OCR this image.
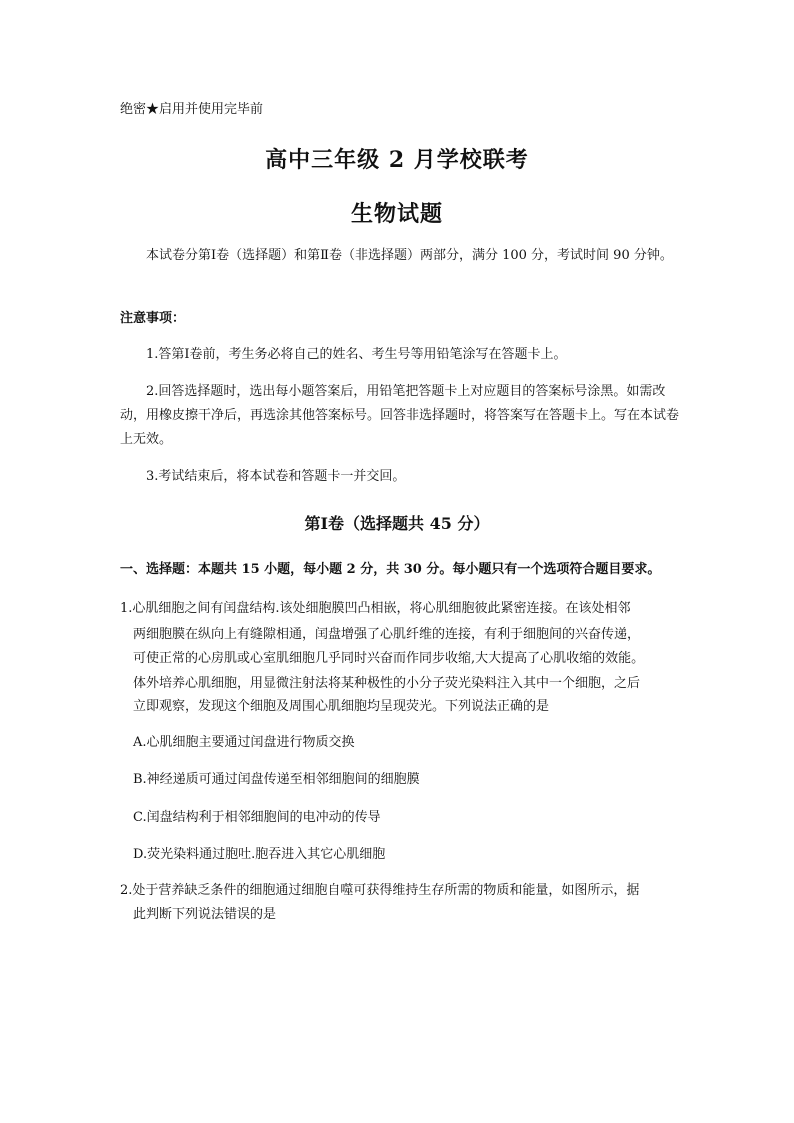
绝密★启用并使用完毕前
高中三年级 2 月学校联考
生物试题
本试卷分第Ⅰ卷（选择题）和第Ⅱ卷（非选择题）两部分，满分 100 分，考试时间 90 分钟。
注意事项：
1.答第Ⅰ卷前，考生务必将自己的姓名、考生号等用铅笔涂写在答题卡上。
2.回答选择题时，选出每小题答案后，用铅笔把答题卡上对应题目的答案标号涂黑。如需改动，用橡皮擦干净后，再选涂其他答案标号。回答非选择题时，将答案写在答题卡上。写在本试卷上无效。
3.考试结束后，将本试卷和答题卡一并交回。
第Ⅰ卷（选择题共 45 分）
一、选择题：本题共 15 小题，每小题 2 分，共 30 分。每小题只有一个选项符合题目要求。
1.心肌细胞之间有闰盘结构.该处细胞膜凹凸相嵌，将心肌细胞彼此紧密连接。在该处相邻
两细胞膜在纵向上有缝隙相通，闰盘增强了心肌纤维的连接，有利于细胞间的兴奋传递，
可使正常的心房肌或心室肌细胞几乎同时兴奋而作同步收缩,大大提高了心肌收缩的效能。
体外培养心肌细胞，用显微注射法将某种极性的小分子荧光染料注入其中一个细胞，之后
立即观察，发现这个细胞及周围心肌细胞均呈现荧光。下列说法正确的是
A.心肌细胞主要通过闰盘进行物质交换
B.神经递质可通过闰盘传递至相邻细胞间的细胞膜
C.闰盘结构利于相邻细胞间的电冲动的传导
D.荧光染料通过胞吐.胞吞进入其它心肌细胞
2.处于营养缺乏条件的细胞通过细胞自噬可获得维持生存所需的物质和能量，如图所示，据
此判断下列说法错误的是
